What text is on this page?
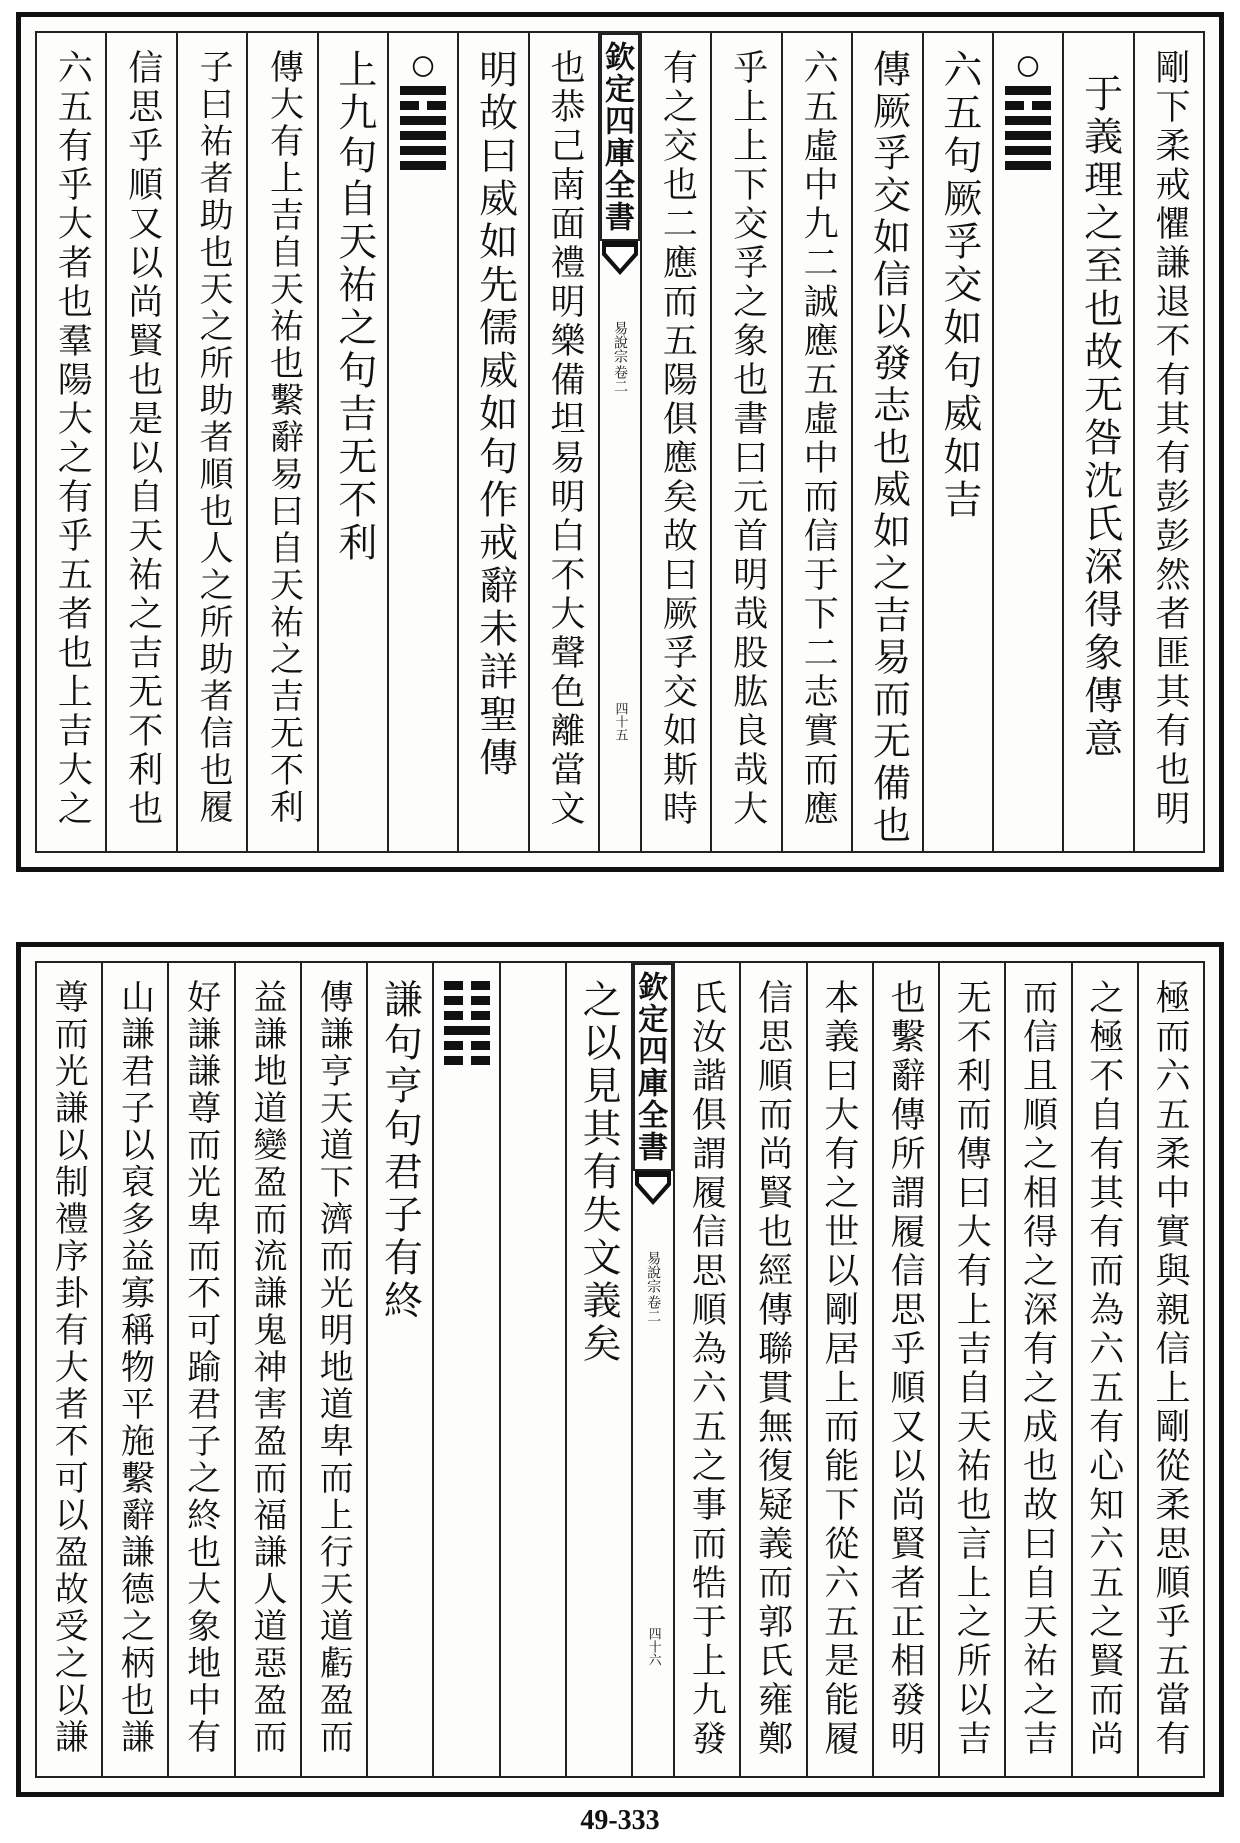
剛下柔戒懼謙退不有其有彭彭然者匪其有也明
于義理之至也故无咎沈氏深得象傳意
〇
六五句厥孚交如句威如吉
傳厥孚交如信以發志也威如之吉易而无備也
六五虛中九二誠應五虛中而信于下二志實而應
乎上上下交孚之象也書曰元首明哉股肱良哉大
有之交也二應而五陽俱應矣故曰厥孚交如斯時
欽定四庫全書
易說宗
卷二
四十五
也恭己南面禮明樂備坦易明白不大聲色離當文
明故曰威如先儒威如句作戒辭未詳聖傳
〇
上九句自天祐之句吉无不利
傳大有上吉自天祐也繫辭易曰自天祐之吉无不利
子曰祐者助也天之所助者順也人之所助者信也履
信思乎順又以尚賢也是以自天祐之吉无不利也
六五有乎大者也羣陽大之有乎五者也上吉大之
極而六五柔中實與親信上剛從柔思順乎五當有
之極不自有其有而為六五有心知六五之賢而尚
而信且順之相得之深有之成也故曰自天祐之吉
无不利而傳曰大有上吉自天祐也言上之所以吉
也繫辭傳所謂履信思乎順又以尚賢者正相發明
本義曰大有之世以剛居上而能下從六五是能履
信思順而尚賢也經傳聯貫無復疑義而郭氏雍鄭
氏汝諧俱謂履信思順為六五之事而牿于上九發
欽定四庫全書
易說宗
卷二
四十六
之以見其有失文義矣
謙句亨句君子有終
傳謙亨天道下濟而光明地道卑而上行天道虧盈而
益謙地道變盈而流謙鬼神害盈而福謙人道惡盈而
好謙謙尊而光卑而不可踰君子之終也大象地中有
山謙君子以裒多益寡稱物平施繫辭謙德之柄也謙
尊而光謙以制禮序卦有大者不可以盈故受之以謙
49-333
